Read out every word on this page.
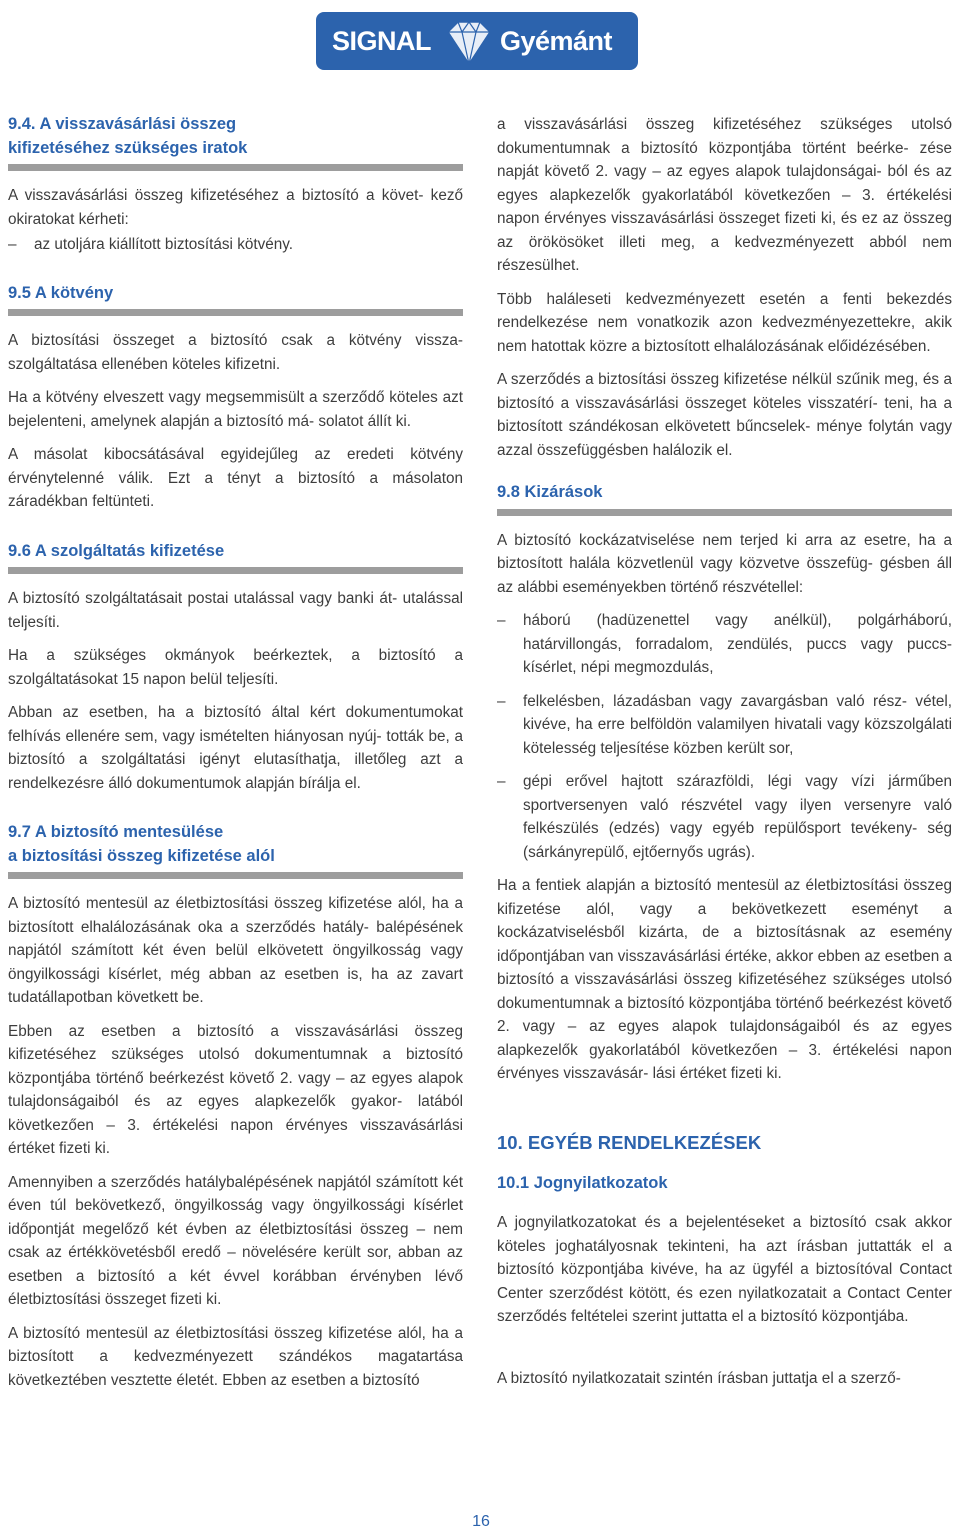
SIGNAL	Gyémánt
9.4. A visszavásárlási összeg
kifizetéséhez szükséges iratok

A visszavásárlási összeg kifizetéséhez a biztosító a követ- kező okiratokat kérheti:

–	az utoljára kiállított biztosítási kötvény.

9.5 A kötvény

A biztosítási összeget a biztosító csak a kötvény vissza- szolgáltatása ellenében köteles kifizetni.

Ha a kötvény elveszett vagy megsemmisült a szerződő köteles azt bejelenteni, amelynek alapján a biztosító má- solatot állít ki.

A másolat kibocsátásával egyidejűleg az eredeti kötvény érvénytelenné válik. Ezt a tényt a biztosító a másolaton záradékban feltünteti.

9.6 A szolgáltatás kifizetése

A biztosító szolgáltatásait postai utalással vagy banki át- utalással teljesíti.

Ha a szükséges okmányok beérkeztek, a biztosító a szolgáltatásokat 15 napon belül teljesíti.

Abban az esetben, ha a biztosító által kért dokumentumokat felhívás ellenére sem, vagy ismételten hiányosan nyúj- tották be, a biztosító a szolgáltatási igényt elutasíthatja, illetőleg azt a rendelkezésre álló dokumentumok alapján bírálja el.

9.7 A biztosító mentesülése
a biztosítási összeg kifizetése alól

A biztosító mentesül az életbiztosítási összeg kifizetése alól, ha a biztosított elhalálozásának oka a szerződés hatály- balépésének napjától számított két éven belül elkövetett öngyilkosság vagy öngyilkossági kísérlet, még abban az esetben is, ha az zavart tudatállapotban követkett be.

Ebben az esetben a biztosító a visszavásárlási összeg kifizetéséhez szükséges utolsó dokumentumnak a biztosító központjába történő beérkezést követő 2. vagy – az egyes alapok tulajdonságaiból és az egyes alapkezelők gyakor- latából következően – 3. értékelési napon érvényes visszavásárlási értéket fizeti ki.

Amennyiben a szerződés hatálybalépésének napjától számított két éven túl bekövetkező, öngyilkosság vagy öngyilkossági kísérlet időpontját megelőző két évben az életbiztosítási összeg – nem csak az értékkövetésből eredő – növelésére került sor, abban az esetben a biztosító a két évvel korábban érvényben lévő életbiztosítási összeget fizeti ki.

A biztosító mentesül az életbiztosítási összeg kifizetése alól, ha a biztosított a kedvezményezett szándékos magatartása következtében vesztette életét. Ebben az esetben a biztosító

a visszavásárlási összeg kifizetéséhez szükséges utolsó dokumentumnak a biztosító központjába történt beérke- zése napját követő 2. vagy – az egyes alapok tulajdonságai- ból és az egyes alapkezelők gyakorlatából következően – 3. értékelési napon érvényes visszavásárlási összeget fizeti ki, és ez az összeg az örökösöket illeti meg, a kedvezményezett abból nem részesülhet.

Több haláleseti kedvezményezett esetén a fenti bekezdés rendelkezése nem vonatkozik azon kedvezményezettekre, akik nem hatottak közre a biztosított elhalálozásának előidézésében.

A szerződés a biztosítási összeg kifizetése nélkül szűnik meg, és a biztosító a visszavásárlási összeget köteles visszatérí- teni, ha a biztosított szándékosan elkövetett bűncselek- ménye folytán vagy azzal összefüggésben halálozik el.

9.8 Kizárások

A biztosító kockázatviselése nem terjed ki arra az esetre, ha a biztosított halála közvetlenül vagy közvetve összefüg- gésben áll az alábbi eseményekben történő részvétellel:

–	háború (hadüzenettel vagy anélkül), polgárháború, határvillongás, forradalom, zendülés, puccs vagy puccs- kísérlet, népi megmozdulás,

–	felkelésben, lázadásban vagy zavargásban való rész- vétel, kivéve, ha erre belföldön valamilyen hivatali vagy közszolgálati kötelesség teljesítése közben került sor,

–	gépi erővel hajtott szárazföldi, légi vagy vízi járműben sportversenyen való részvétel vagy ilyen versenyre való felkészülés (edzés) vagy egyéb repülősport tevékeny- ség (sárkányrepülő, ejtőernyős ugrás).

Ha a fentiek alapján a biztosító mentesül az életbiztosítási összeg kifizetése alól, vagy a bekövetkezett eseményt a kockázatviselésből kizárta, de a biztosításnak az esemény időpontjában van visszavásárlási értéke, akkor ebben az esetben a biztosító a visszavásárlási összeg kifizetéséhez szükséges utolsó dokumentumnak a biztosító központjába történő beérkezést követő 2. vagy – az egyes alapok tulajdonságaiból és az egyes alapkezelők gyakorlatából következően – 3. értékelési napon érvényes visszavásár- lási értéket fizeti ki.

10. EGYÉB RENDELKEZÉSEK
10.1 Jognyilatkozatok

A jognyilatkozatokat és a bejelentéseket a biztosító csak akkor köteles joghatályosnak tekinteni, ha azt írásban juttatták el a biztosító központjába kivéve, ha az ügyfél a biztosítóval Contact Center szerződést kötött, és ezen nyilatkozatait a Contact Center szerződés feltételei szerint juttatta el a biztosító központjába.

A biztosító nyilatkozatait szintén írásban juttatja el a szerző-

16
